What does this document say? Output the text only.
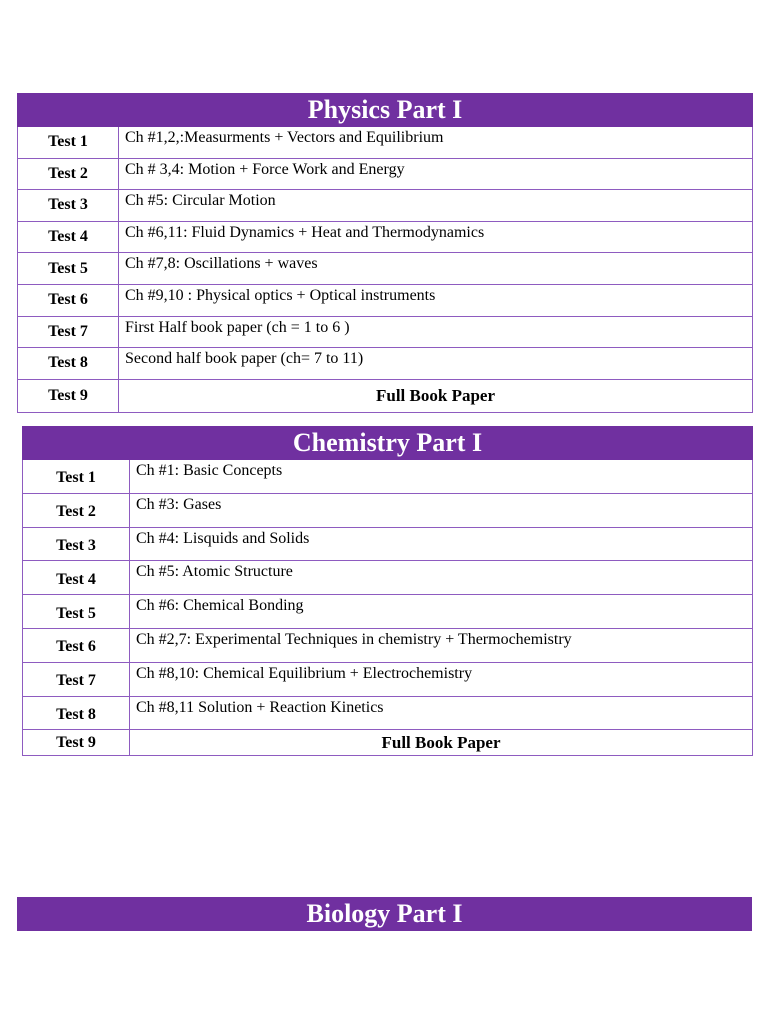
Physics Part I	
Test 1	Ch #1,2,:Measurments + Vectors and Equilibrium
Test 2	Ch # 3,4: Motion + Force Work and Energy
Test 3	Ch #5: Circular Motion
Test 4	Ch #6,11: Fluid Dynamics + Heat and Thermodynamics
Test 5	Ch #7,8: Oscillations + waves
Test 6	Ch #9,10 : Physical optics + Optical instruments
Test 7	First Half book paper (ch = 1 to 6 )
Test 8	Second half book paper (ch= 7 to 11)
Test 9	Full Book Paper
Chemistry Part I	
Test 1	Ch #1: Basic Concepts
Test 2	Ch #3: Gases
Test 3	Ch #4: Lisquids and Solids
Test 4	Ch #5: Atomic Structure
Test 5	Ch #6: Chemical Bonding
Test 6	Ch #2,7: Experimental Techniques in chemistry + Thermochemistry
Test 7	Ch #8,10: Chemical Equilibrium + Electrochemistry
Test 8	Ch #8,11 Solution + Reaction Kinetics
Test 9	Full Book Paper
Biology Part I
